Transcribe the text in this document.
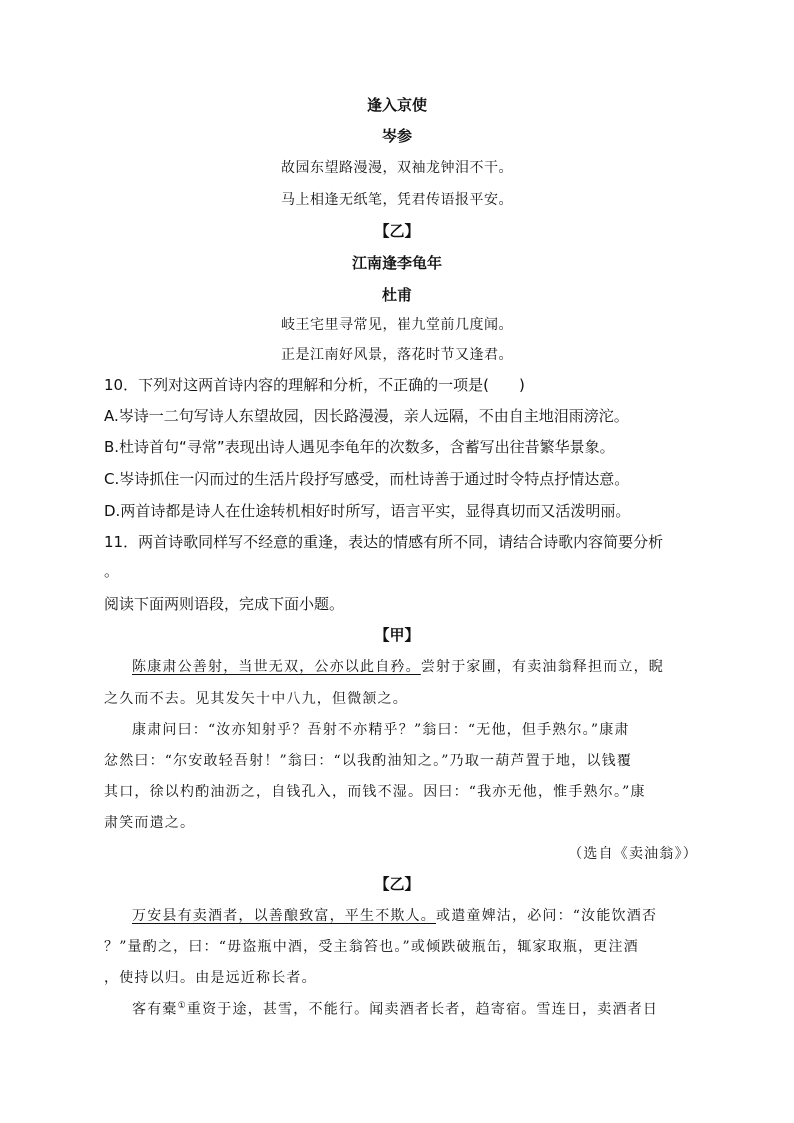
逢入京使
岑参
故园东望路漫漫，双袖龙钟泪不干。
马上相逢无纸笔，凭君传语报平安。
【乙】
江南逢李龟年
杜甫
岐王宅里寻常见，崔九堂前几度闻。
正是江南好风景，落花时节又逢君。
10．下列对这两首诗内容的理解和分析，不正确的一项是(　　)
A.岑诗一二句写诗人东望故园，因长路漫漫，亲人远隔，不由自主地泪雨滂沱。
B.杜诗首句“寻常”表现出诗人遇见李龟年的次数多，含蓄写出往昔繁华景象。
C.岑诗抓住一闪而过的生活片段抒写感受，而杜诗善于通过时令特点抒情达意。
D.两首诗都是诗人在仕途转机相好时所写，语言平实，显得真切而又活泼明丽。
11．两首诗歌同样写不经意的重逢，表达的情感有所不同，请结合诗歌内容简要分析
。
阅读下面两则语段，完成下面小题。
【甲】
陈康肃公善射，当世无双，公亦以此自矜。尝射于家圃，有卖油翁释担而立，睨
之久而不去。见其发矢十中八九，但微颔之。
康肃问曰：“汝亦知射乎？吾射不亦精乎？”翁曰：“无他，但手熟尔。”康肃
忿然曰：“尔安敢轻吾射！”翁曰：“以我酌油知之。”乃取一葫芦置于地，以钱覆
其口，徐以杓酌油沥之，自钱孔入，而钱不湿。因曰：“我亦无他，惟手熟尔。”康
肃笑而遣之。
（选自《卖油翁》）
【乙】
万安县有卖酒者，以善酿致富，平生不欺人。或遣童婢沽，必问：“汝能饮酒否
？”量酌之，曰：“毋盗瓶中酒，受主翁笞也。”或倾跌破瓶缶，辄家取瓶，更注酒
，使持以归。由是远近称长者。
客有橐①重资于途，甚雪，不能行。闻卖酒者长者，趋寄宿。雪连日，卖酒者日
